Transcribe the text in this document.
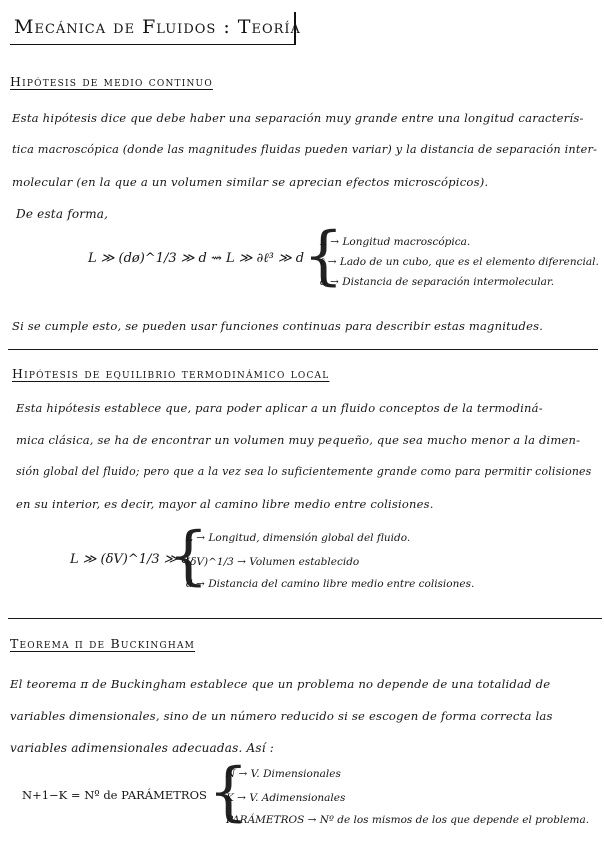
Mecánica de Fluidos : Teoría
Hipótesis de medio continuo
Esta hipótesis dice que debe haber una separación muy grande entre una longitud caracterís-
tica macroscópica (donde las magnitudes fluidas pueden variar) y la distancia de separación inter-
molecular (en la que a un volumen similar se aprecian efectos microscópicos).
De esta forma,
L ≫ (dø)^1/3 ≫ d ⇝ L ≫ ∂ℓ³ ≫ d
{
L → Longitud macroscópica.
ℓ → Lado de un cubo, que es el elemento diferencial.
d → Distancia de separación intermolecular.
Si se cumple esto, se pueden usar funciones continuas para describir estas magnitudes.
Hipótesis de equilibrio termodinámico local
Esta hipótesis establece que, para poder aplicar a un fluido conceptos de la termodiná-
mica clásica, se ha de encontrar un volumen muy pequeño, que sea mucho menor a la dimen-
sión global del fluido; pero que a la vez sea lo suficientemente grande como para permitir colisiones
en su interior, es decir, mayor al camino libre medio entre colisiones.
L ≫ (δV)^1/3 ≫ d
{
L → Longitud, dimensión global del fluido.
(δV)^1/3 → Volumen establecido
d → Distancia del camino libre medio entre colisiones.
Teorema π de Buckingham
El teorema π de Buckingham establece que un problema no depende de una totalidad de
variables dimensionales, sino de un número reducido si se escogen de forma correcta las
variables adimensionales adecuadas. Así :
N+1−K = Nº de PARÁMETROS {
N → V. Dimensionales
K → V. Adimensionales
PARÁMETROS → Nº de los mismos de los que depende el problema.
